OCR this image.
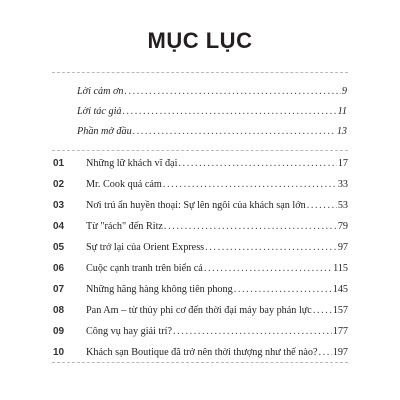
MỤC LỤC
Lời cảm ơn .....	9
Lời tác giả .....	11
Phần mở đầu .....	13
01	Những lữ khách vĩ đại .....	17
02	Mr. Cook quả cảm .....	33
03	Nơi trú ẩn huyền thoại: Sự lên ngôi của khách sạn lớn .....	53
04	Từ "rách" đến Ritz .....	79
05	Sự trở lại của Orient Express .....	97
06	Cuộc cạnh tranh trên biển cả .....	115
07	Những hãng hàng không tiên phong .....	145
08	Pan Am – từ thủy phi cơ đến thời đại máy bay phản lực ..... 157
09	Công vụ hay giải trí? .....	177
10	Khách sạn Boutique đã trở nên thời thượng như thế nào? ..... 197
